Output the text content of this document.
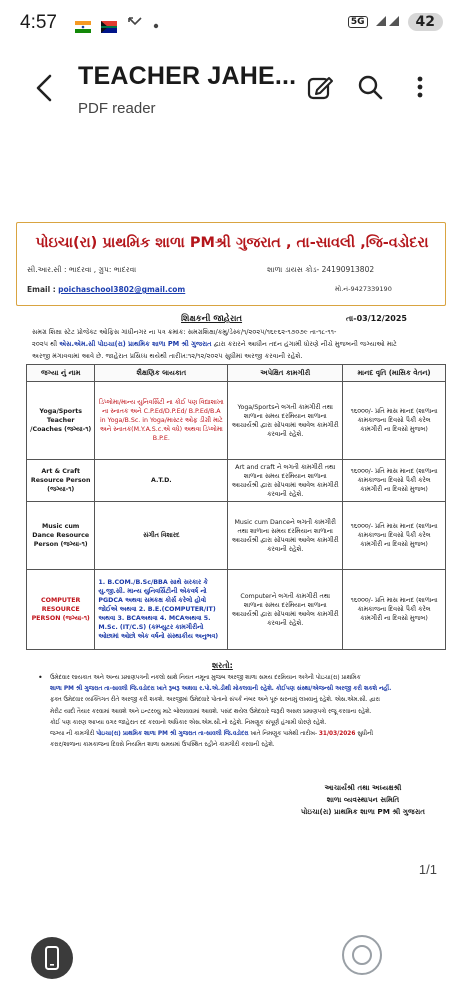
4:57	5G	42
TEACHER JAHE...
PDF reader
પોઇચા(રા) પ્રાથમિક શાળા PMશ્રી ગુજરાત , તા-સાવલી ,જિ-વડોદરા
સી.આર.સી : ભાદરવા , ગ્રુપ: ભાદરવા	શાળા ડાયસ કોડ- 24190913802
Email : poichaschool3802@gmail.com	મો.નં-9427339190
શિક્ષકની જાહેરાત	તા-03/12/2025
સમગ્ર શિક્ષા સ્ટેટ પ્રોજેક્ટ ઓફિસ ગાંધીનગર ના પત્ર ક્રમાંક: સમગ્રશિક્ષા/કમુ/ડેસ્ક/૧/૨૦૨૫/૧૬૯૬૨-૧૭૦૭૯ તા-૧૮-૧૧-
૨૦૨૫ થી એસ.એમ.સી પોઇચા(રા) પ્રાથમિક શાળા PM શ્રી ગુજરાત દ્વારા કરારને આધીન તદન હંગામી ધોરણે નીચે મુજબની જગ્યાઓ માટે
અરજી મંગાવવામાં આવે છે. જાહેરાત પ્રસિધ્ધ થયેથી તારીખ:૧૨/૧૨/૨૦૨૫ સુધીમાં અરજી કરવાની રહેશે.
જગ્યા નું નામ	શૈક્ષણિક લાયકાત	અપેક્ષિત કામગીરી	માનદ વૃતિ (માસિક વેતન)
Yoga/Sports Teacher /Coaches (જગ્યા-૧)	ડિપ્લોમા/માન્ય યુનિવર્સિટી ના કોઈ પણ વિદ્યાશાખા ના સ્નાતક અને C.P.Ed/D.P.Ed/ B.P.Ed/B.A in Yoga/B.Sc. in Yoga/માસ્ટર ઓફ ડીગ્રી માટે અને સ્નાતક(M.Y.A.S.c.એ વધે) અથવા ડિપ્લોમા B.P.E.	Yoga/Sportsને લગતી કામગીરી તથા શાળાના સમય દરમિયાન શાળાના આચાર્યશ્રી દ્વારા સોંપવામાં આવેલ કામગીરી કરવાની રહેશે.	૧૬૦૦૦/- પ્રતિ માસ માનદ (શાળાના કામકાજના દિવસો પૈકી કરેલ કામગીરી ના દિવસો મુજબ)
Art & Craft Resource Person (જગ્યા-૧)	A.T.D.	Art and craft ને લગતી કામગીરી તથા શાળાના સમય દરમિયાન શાળાના આચાર્યશ્રી દ્વારા સોંપવામાં આવેલ કામગીરી કરવાની રહેશે.	૧૬૦૦૦/- પ્રતિ માસ માનદ (શાળાના કામકાજના દિવસો પૈકી કરેલ કામગીરી ના દિવસો મુજબ)
Music cum Dance Resource Person (જગ્યા-૧)	સંગીત વિશારદ	Music cum Danceને લગતી કામગીરી તથા શાળાના સમય દરમિયાન શાળાના આચાર્યશ્રી દ્વારા સોંપવામાં આવેલ કામગીરી કરવાની રહેશે.	૧૬૦૦૦/- પ્રતિ માસ માનદ (શાળાના કામકાજના દિવસો પૈકી કરેલ કામગીરી ના દિવસો મુજબ)
COMPUTER RESOURCE PERSON (જગ્યા-૧)	1. B.COM./B.Sc/BBA સાથે સરકાર કે યુ.જી.સી. માન્ય યુનિવર્સિટીની એકવર્ષ નો PGDCA અથવા સમકક્ષ કોર્સ કરેલો હોવો જોઈએ અથવા 2. B.E.(COMPUTER/IT) અથવા 3. BCAઅથવા 4. MCAઅથવા 5. M.Sc. (IT/C.S) (કમ્પ્યુટર કામગીરીનો ઓછામાં ઓછો એક વર્ષનો સંસ્થાકીય અનુભવ)	Computerને લગતી કામગીરી તથા શાળાના સમય દરમિયાન શાળાના આચાર્યશ્રી દ્વારા સોંપવામાં આવેલ કામગીરી કરવાની રહેશે.	૧૬૦૦૦/- પ્રતિ માસ માનદ (શાળાના કામકાજના દિવસો પૈકી કરેલ કામગીરી ના દિવસો મુજબ)
શરતો:
• ઉમેદવાર લાયકાત અને અન્ય પ્રમાણપત્રની નકલો સાથે નિયત નમૂના મુજબ અરજી શાળા સમય દરમિયાન અત્રેની પોઇચા(રા) પ્રાથમિક
શાળા PM શ્રી ગુજરાત તા-સાવલી જિ.વડોદરા ખાતે રૂબરૂ અથવા ર.પો.એ.ડીથી મોકલવાની રહેશે. કોઈપણ સંસ્થા/એજન્સી અરજી કરી શકશે નહીં.
ફક્ત ઉમેદવાર વ્યક્તિગત રીતે અરજી કરી શકશે. અરજીમાં ઉમેદવારે પોતાનો સંપર્ક નંબર અને પૂરું સરનામું લખવાનું રહેશે. એસ.એમ.સી. દ્વારા
મેરીટ યાદી તૈયાર કરવામાં આવશે અને ઇન્ટરવ્યુ માટે બોલાવવામાં આવશે. પસંદ થયેલ ઉમેદવારે જરૂરી અસલ પ્રમાણપત્રો રજૂ કરવાના રહેશે.
કોઈ પણ કારણ આપ્યા વગર જાહેરાત રદ કરવાનો અધિકાર એસ.એમ.સી.નો રહેશે. નિમણૂક સંપૂર્ણ હંગામી ધોરણે રહેશે.
જગ્યા ની કામગીરી પોઇચા(રા) પ્રાથમિક શાળા PM શ્રી ગુજરાત તા-સાવલી જિ.વડોદરા ખાતે નિમણૂક પામેથી તારીખ- 31/03/2026 સુધીની
કરાર/શાળાના કામકાજના દિવસે નિયમિત શાળા સમયમાં ઉપસ્થિત રહીને કામગીરી કરવાની રહેશે.
આચાર્યશ્રી તથા અધ્યક્ષશ્રી
શાળા વ્યવસ્થાપન સમિતિ
પોઇચા(રા) પ્રાથમિક શાળા PM શ્રી ગુજરાત
1/1
